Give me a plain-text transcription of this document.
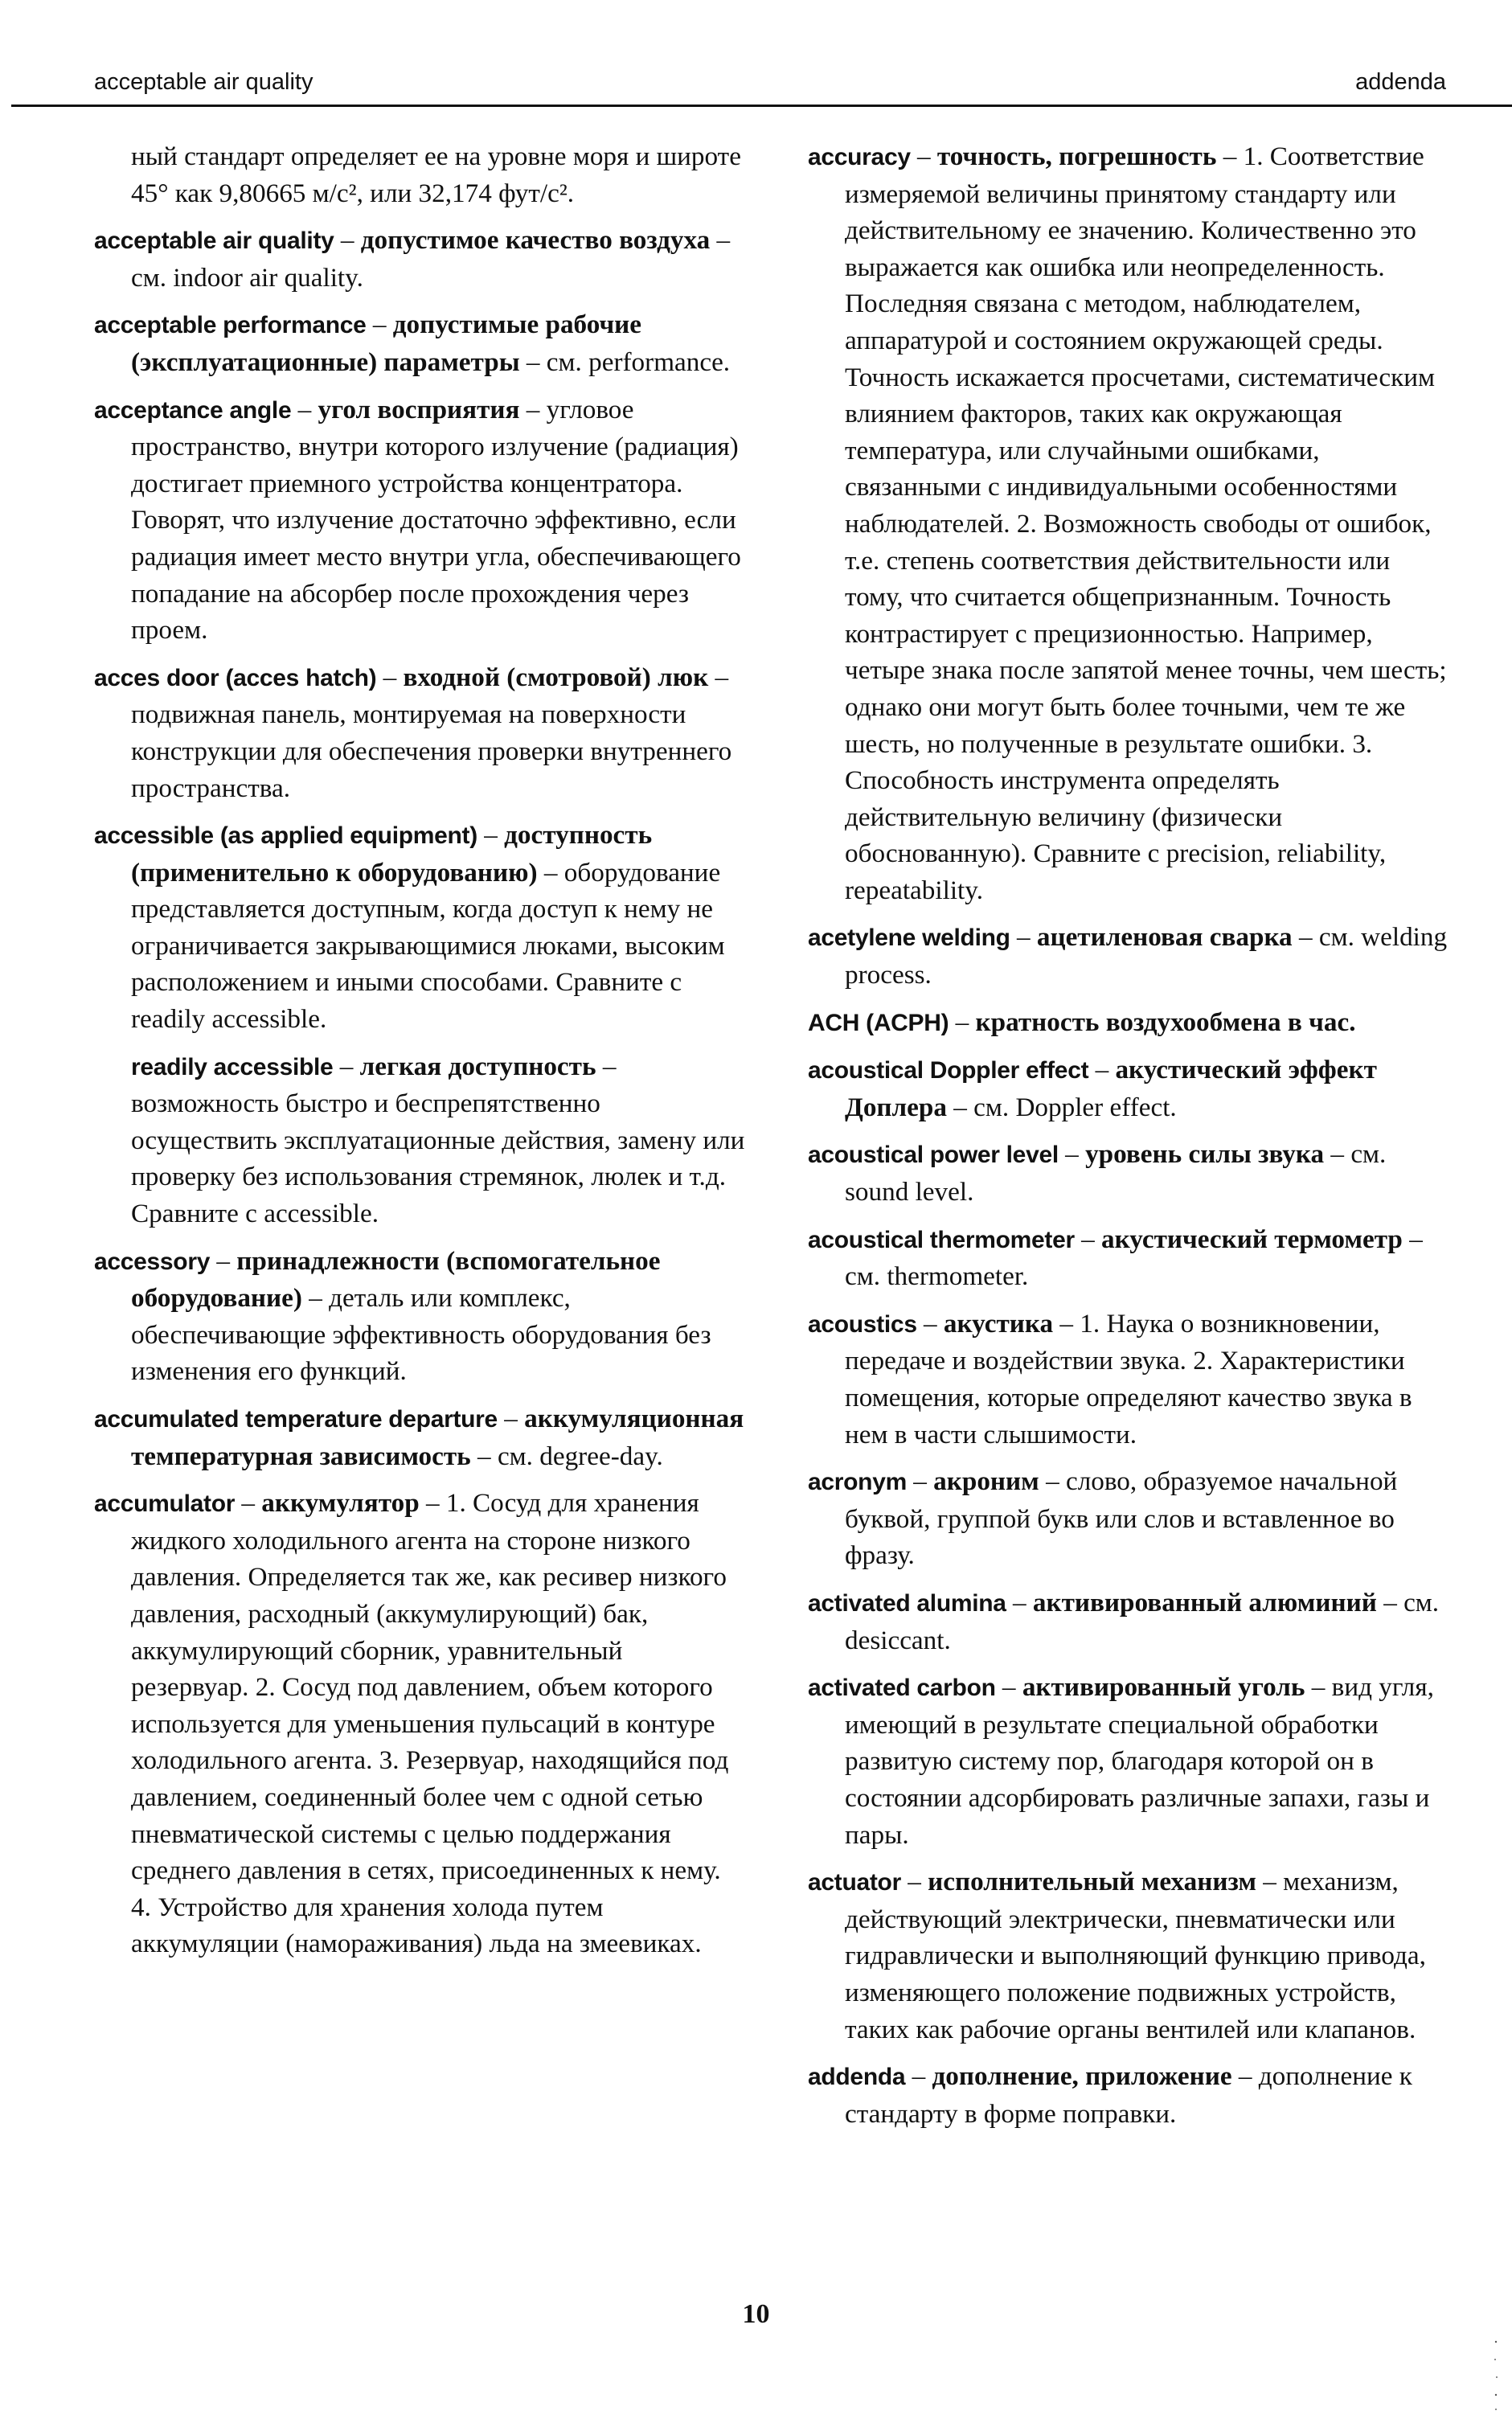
acceptable air quality	addenda

ный стандарт определяет ее на уровне моря и широте 45° как 9,80665 м/с², или 32,174 фут/с².

acceptable air quality – допустимое качество воздуха – см. indoor air quality.

acceptable performance – допустимые рабочие (эксплуатационные) параметры – см. performance.

acceptance angle – угол восприятия – угловое пространство, внутри которого излучение (радиация) достигает приемного устройства концентратора. Говорят, что излучение достаточно эффективно, если радиация имеет место внутри угла, обеспечивающего попадание на абсорбер после прохождения через проем.

acces door (acces hatch) – входной (смотровой) люк – подвижная панель, монтируемая на поверхности конструкции для обеспечения проверки внутреннего пространства.

accessible (as applied equipment) – доступность (применительно к оборудованию) – оборудование представляется доступным, когда доступ к нему не ограничивается закрывающимися люками, высоким расположением и иными способами. Сравните с readily accessible.

readily accessible – легкая доступность – возможность быстро и беспрепятственно осуществить эксплуатационные действия, замену или проверку без использования стремянок, люлек и т.д. Сравните с accessible.

accessory – принадлежности (вспомогательное оборудование) – деталь или комплекс, обеспечивающие эффективность оборудования без изменения его функций.

accumulated temperature departure – аккумуляционная температурная зависимость – см. degree-day.

accumulator – аккумулятор – 1. Сосуд для хранения жидкого холодильного агента на стороне низкого давления. Определяется так же, как ресивер низкого давления, расходный (аккумулирующий) бак, аккумулирующий сборник, уравнительный резервуар. 2. Сосуд под давлением, объем которого используется для уменьшения пульсаций в контуре холодильного агента. 3. Резервуар, находящийся под давлением, соединенный более чем с одной сетью пневматической системы с целью поддержания среднего давления в сетях, присоединенных к нему. 4. Устройство для хранения холода путем аккумуляции (намораживания) льда на змеевиках.

accuracy – точность, погрешность – 1. Соответствие измеряемой величины принятому стандарту или действительному ее значению. Количественно это выражается как ошибка или неопределенность. Последняя связана с методом, наблюдателем, аппаратурой и состоянием окружающей среды. Точность искажается просчетами, систематическим влиянием факторов, таких как окружающая температура, или случайными ошибками, связанными с индивидуальными особенностями наблюдателей. 2. Возможность свободы от ошибок, т.е. степень соответствия действительности или тому, что считается общепризнанным. Точность контрастирует с прецизионностью. Например, четыре знака после запятой менее точны, чем шесть; однако они могут быть более точными, чем те же шесть, но полученные в результате ошибки. 3. Способность инструмента определять действительную величину (физически обоснованную). Сравните с precision, reliability, repeatability.

acetylene welding – ацетиленовая сварка – см. welding process.

ACH (ACPH) – кратность воздухообмена в час.

acoustical Doppler effect – акустический эффект Доплера – см. Doppler effect.

acoustical power level – уровень силы звука – см. sound level.

acoustical thermometer – акустический термометр – см. thermometer.

acoustics – акустика – 1. Наука о возникновении, передаче и воздействии звука. 2. Характеристики помещения, которые определяют качество звука в нем в части слышимости.

acronym – акроним – слово, образуемое начальной буквой, группой букв или слов и вставленное во фразу.

activated alumina – активированный алюминий – см. desiccant.

activated carbon – активированный уголь – вид угля, имеющий в результате специальной обработки развитую систему пор, благодаря которой он в состоянии адсорбировать различные запахи, газы и пары.

actuator – исполнительный механизм – механизм, действующий электрически, пневматически или гидравлически и выполняющий функцию привода, изменяющего положение подвижных устройств, таких как рабочие органы вентилей или клапанов.

addenda – дополнение, приложение – дополнение к стандарту в форме поправки.

10
